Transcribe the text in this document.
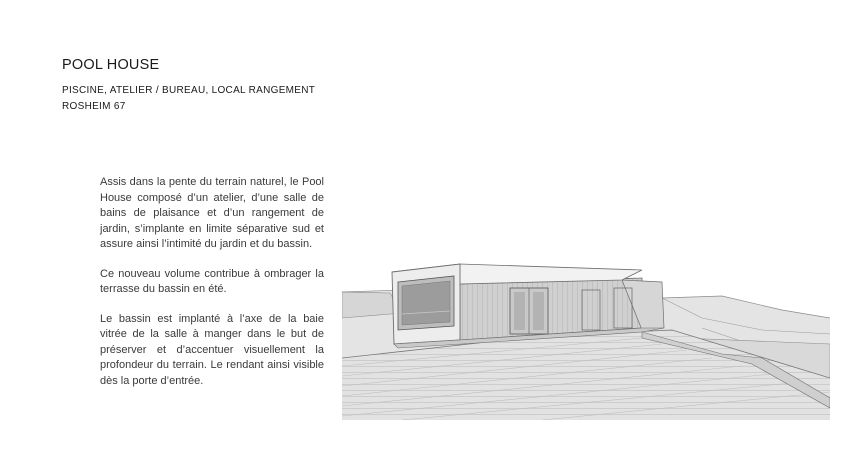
POOL HOUSE

PISCINE, ATELIER / BUREAU, LOCAL RANGEMENT

ROSHEIM 67

Assis dans la pente du terrain naturel, le Pool House composé d’un atelier, d’une salle de bains de plaisance et d’un rangement de jardin, s’implante en limite séparative sud et assure ainsi l’intimité du jardin et du bassin.

Ce nouveau volume contribue à ombrager la terrasse du bassin en été.

Le bassin est implanté à l’axe de la baie vitrée de la salle à manger dans le but de préserver et d’accentuer visuellement la profondeur du terrain. Le rendant ainsi visible dès la porte d’entrée.
